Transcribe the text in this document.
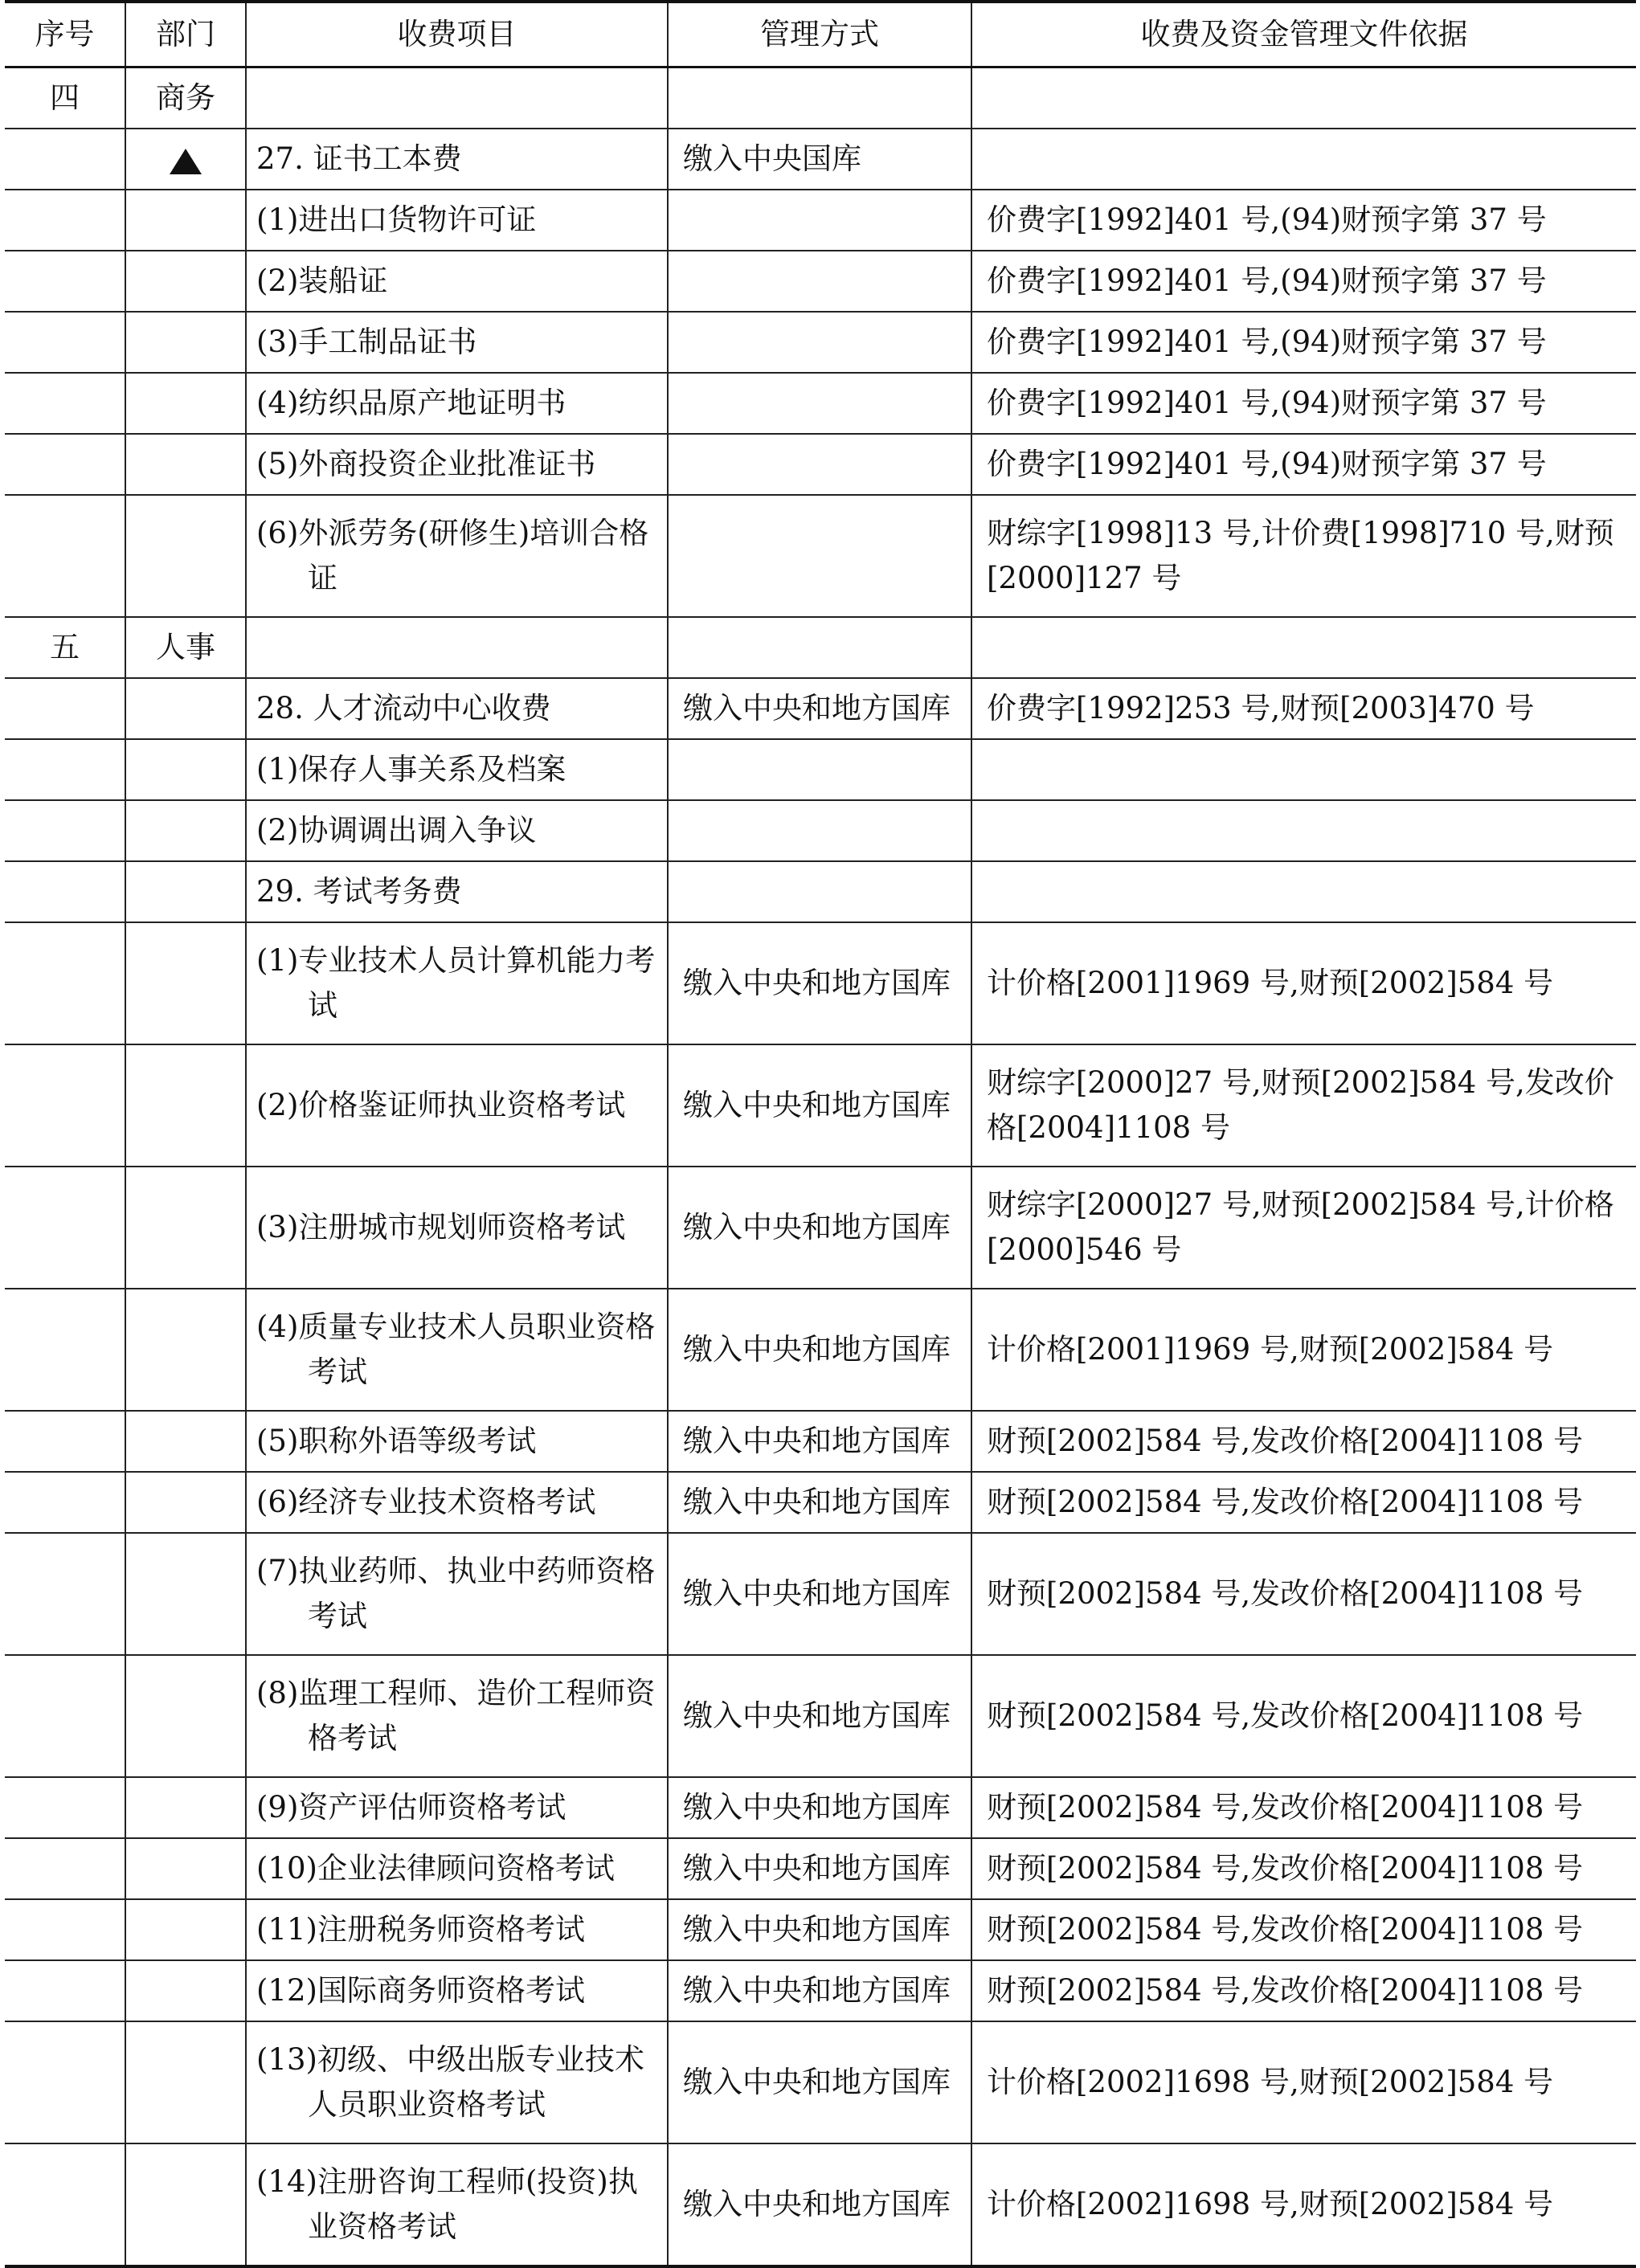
序号	部门	收费项目	管理方式	收费及资金管理文件依据
四	商务			

		27. 证书工本费	缴入中央国库	

		(1)进出口货物许可证		价费字[1992]401 号,(94)财预字第 37 号

		(2)装船证		价费字[1992]401 号,(94)财预字第 37 号

		(3)手工制品证书		价费字[1992]401 号,(94)财预字第 37 号

		(4)纺织品原产地证明书		价费字[1992]401 号,(94)财预字第 37 号

		(5)外商投资企业批准证书		价费字[1992]401 号,(94)财预字第 37 号

		(6)外派劳务(研修生)培训合格证		财综字[1998]13 号,计价费[1998]710 号,财预[2000]127 号
五	人事			

		28. 人才流动中心收费	缴入中央和地方国库	价费字[1992]253 号,财预[2003]470 号

		(1)保存人事关系及档案		

		(2)协调调出调入争议		

		29. 考试考务费		

		(1)专业技术人员计算机能力考试	缴入中央和地方国库	计价格[2001]1969 号,财预[2002]584 号

		(2)价格鉴证师执业资格考试	缴入中央和地方国库	财综字[2000]27 号,财预[2002]584 号,发改价格[2004]1108 号

		(3)注册城市规划师资格考试	缴入中央和地方国库	财综字[2000]27 号,财预[2002]584 号,计价格[2000]546 号

		(4)质量专业技术人员职业资格考试	缴入中央和地方国库	计价格[2001]1969 号,财预[2002]584 号

		(5)职称外语等级考试	缴入中央和地方国库	财预[2002]584 号,发改价格[2004]1108 号

		(6)经济专业技术资格考试	缴入中央和地方国库	财预[2002]584 号,发改价格[2004]1108 号

		(7)执业药师、执业中药师资格考试	缴入中央和地方国库	财预[2002]584 号,发改价格[2004]1108 号

		(8)监理工程师、造价工程师资格考试	缴入中央和地方国库	财预[2002]584 号,发改价格[2004]1108 号

		(9)资产评估师资格考试	缴入中央和地方国库	财预[2002]584 号,发改价格[2004]1108 号

		(10)企业法律顾问资格考试	缴入中央和地方国库	财预[2002]584 号,发改价格[2004]1108 号

		(11)注册税务师资格考试	缴入中央和地方国库	财预[2002]584 号,发改价格[2004]1108 号

		(12)国际商务师资格考试	缴入中央和地方国库	财预[2002]584 号,发改价格[2004]1108 号

		(13)初级、中级出版专业技术人员职业资格考试	缴入中央和地方国库	计价格[2002]1698 号,财预[2002]584 号

		(14)注册咨询工程师(投资)执业资格考试	缴入中央和地方国库	计价格[2002]1698 号,财预[2002]584 号
